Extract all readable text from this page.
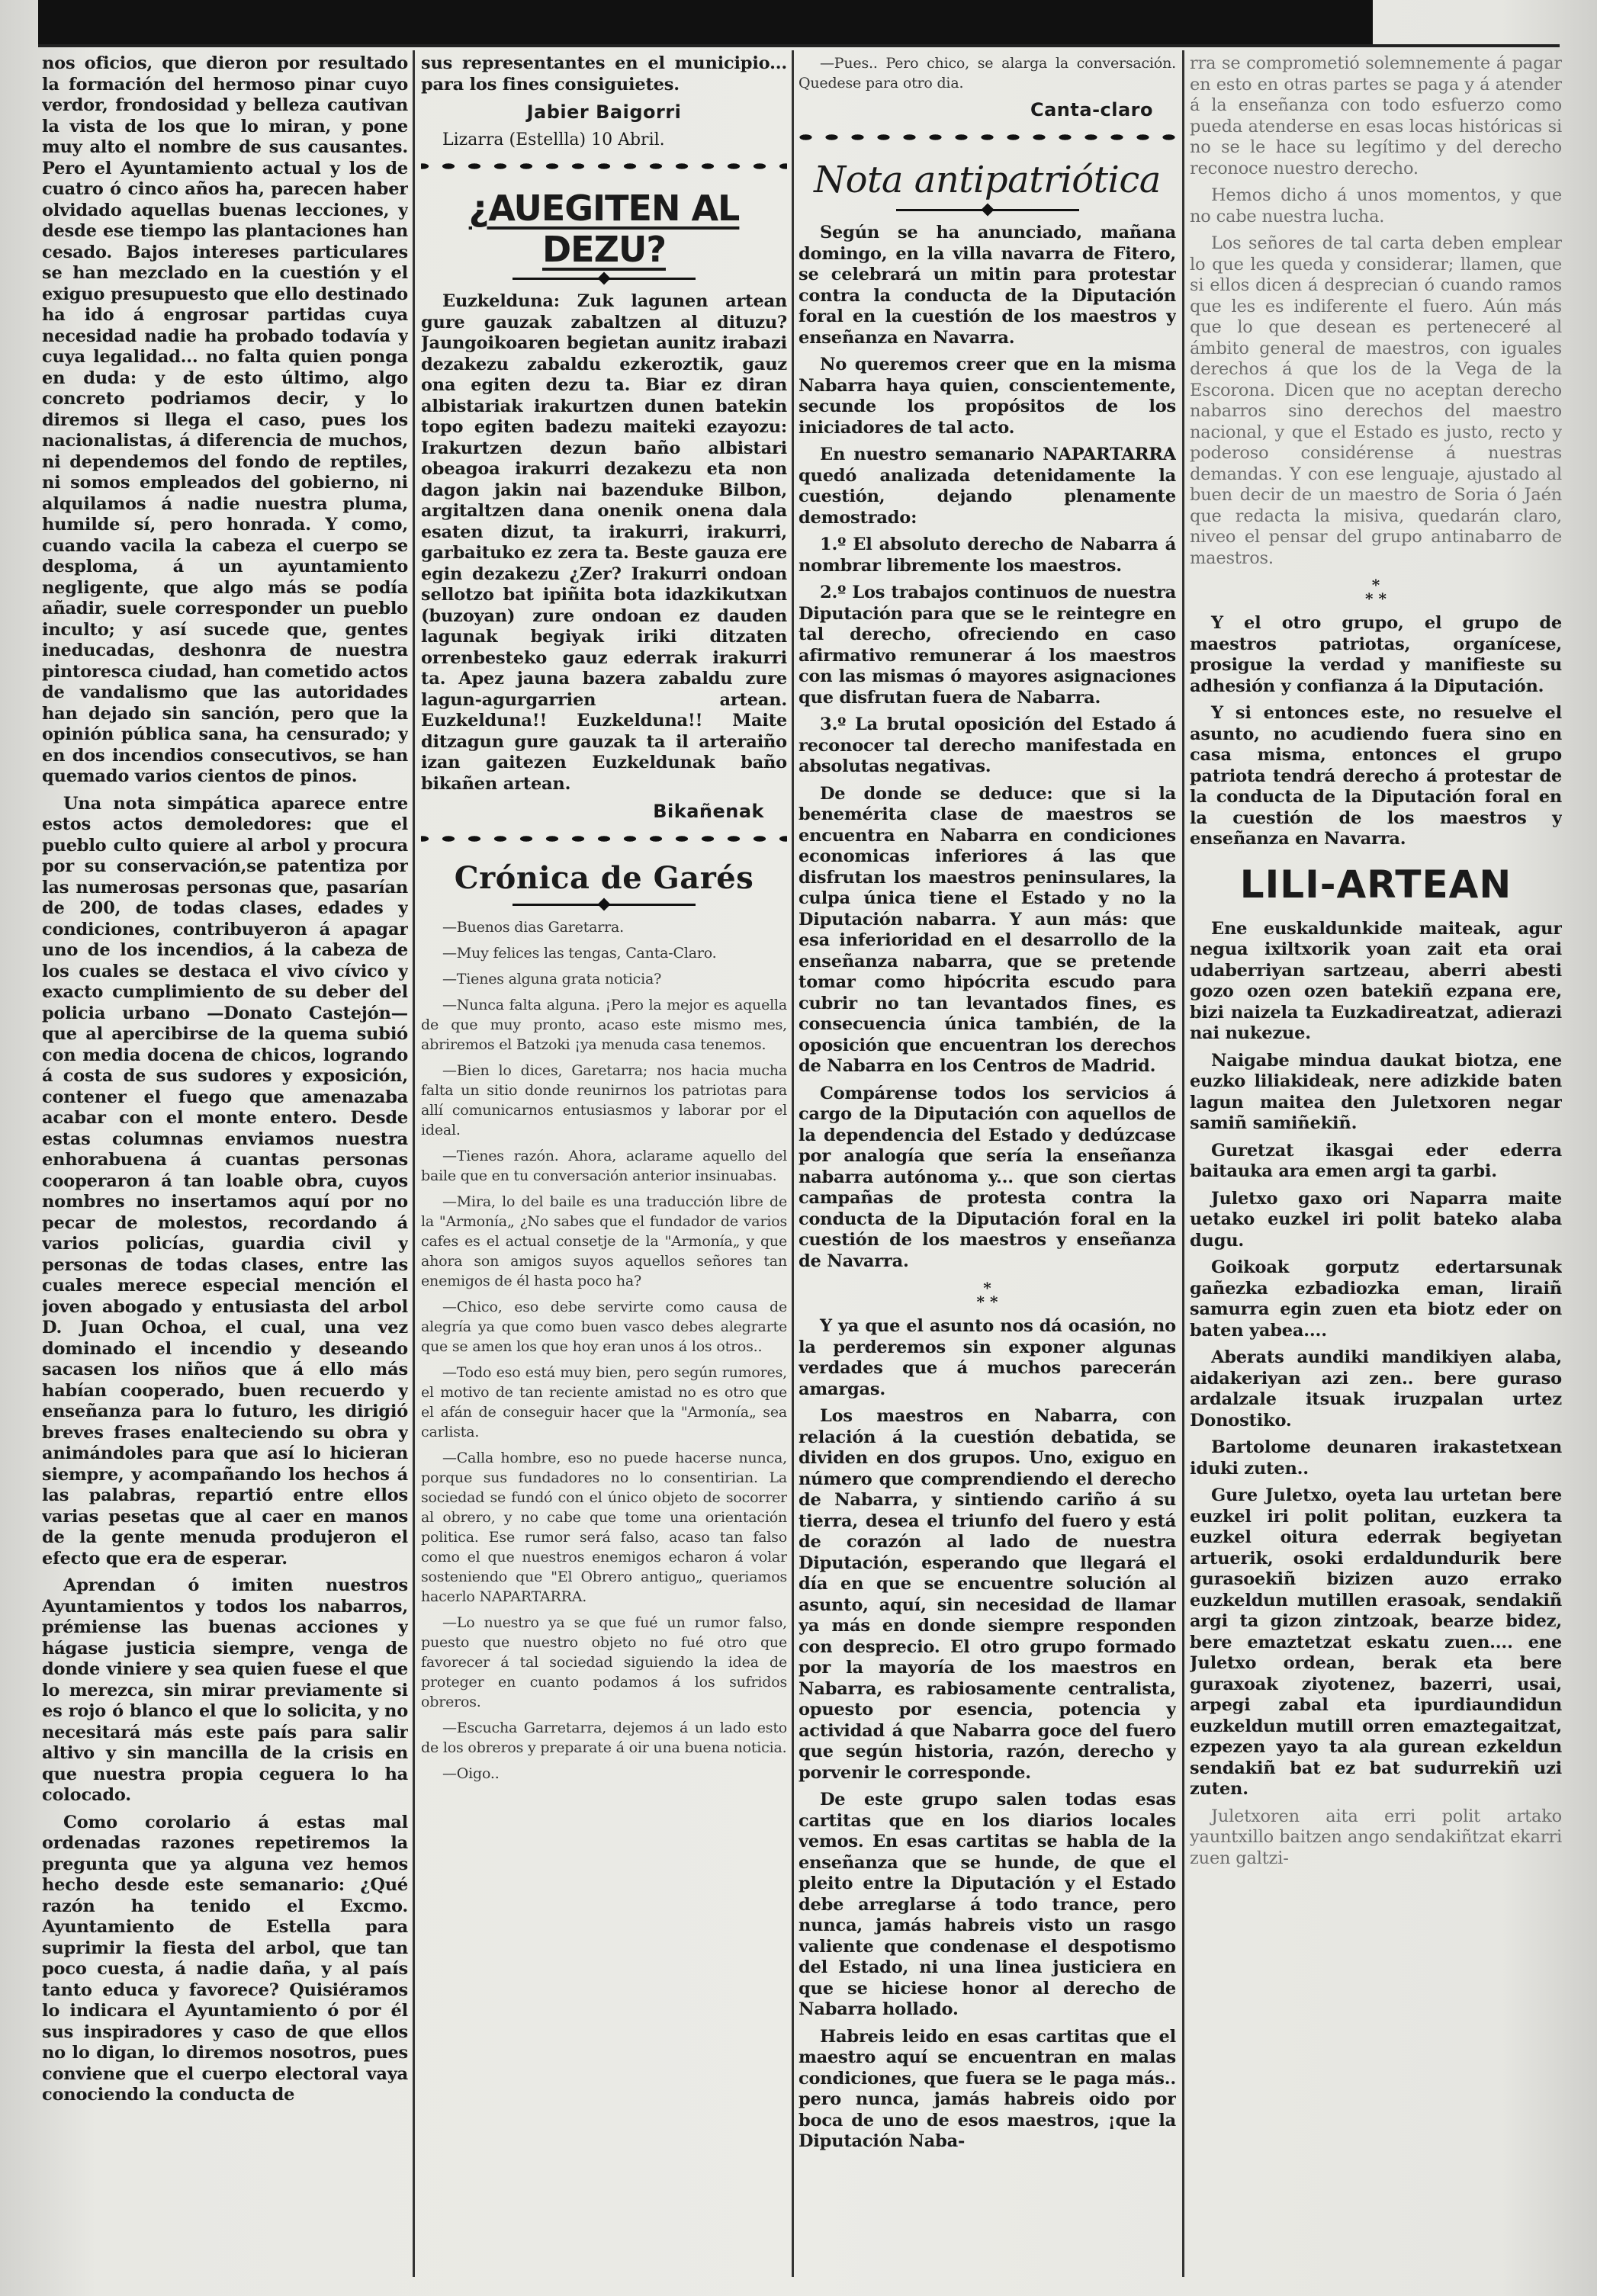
nos oficios, que dieron por resultado la formación del hermoso pinar cuyo verdor, frondosidad y belleza cautivan la vista de los que lo miran, y pone muy alto el nombre de sus causantes. Pero el Ayuntamiento actual y los de cuatro ó cinco años ha, parecen haber olvidado aquellas buenas lecciones, y desde ese tiempo las plantaciones han cesado. Bajos intereses particulares se han mezclado en la cuestión y el exiguo presupuesto que ello destinado ha ido á engrosar partidas cuya necesidad nadie ha probado todavía y cuya legalidad... no falta quien ponga en duda: y de esto último, algo concreto podriamos decir, y lo diremos si llega el caso, pues los nacionalistas, á diferencia de muchos, ni dependemos del fondo de reptiles, ni somos empleados del gobierno, ni alquilamos á nadie nuestra pluma, humilde sí, pero honrada. Y como, cuando vacila la cabeza el cuerpo se desploma, á un ayuntamiento negligente, que algo más se podía añadir, suele corresponder un pueblo inculto; y así sucede que, gentes ineducadas, deshonra de nuestra pintoresca ciudad, han cometido actos de vandalismo que las autoridades han dejado sin sanción, pero que la opinión pública sana, ha censurado; y en dos incendios consecutivos, se han quemado varios cientos de pinos.

Una nota simpática aparece entre estos actos demoledores: que el pueblo culto quiere al arbol y procura por su conservación,se patentiza por las numerosas personas que, pasarían de 200, de todas clases, edades y condiciones, contribuyeron á apagar uno de los incendios, á la cabeza de los cuales se destaca el vivo cívico y exacto cumplimiento de su deber del policia urbano —Donato Castejón—que al apercibirse de la quema subió con media docena de chicos, logrando á costa de sus sudores y exposición, contener el fuego que amenazaba acabar con el monte entero. Desde estas columnas enviamos nuestra enhorabuena á cuantas personas cooperaron á tan loable obra, cuyos nombres no insertamos aquí por no pecar de molestos, recordando á varios policías, guardia civil y personas de todas clases, entre las cuales merece especial mención el joven abogado y entusiasta del arbol D. Juan Ochoa, el cual, una vez dominado el incendio y deseando sacasen los niños que á ello más habían cooperado, buen recuerdo y enseñanza para lo futuro, les dirigió breves frases enalteciendo su obra y animándoles para que así lo hicieran siempre, y acompañando los hechos á las palabras, repartió entre ellos varias pesetas que al caer en manos de la gente menuda produjeron el efecto que era de esperar.

Aprendan ó imiten nuestros Ayuntamientos y todos los nabarros, prémiense las buenas acciones y hágase justicia siempre, venga de donde viniere y sea quien fuese el que lo merezca, sin mirar previamente si es rojo ó blanco el que lo solicita, y no necesitará más este país para salir altivo y sin mancilla de la crisis en que nuestra propia ceguera lo ha colocado.

Como corolario á estas mal ordenadas razones repetiremos la pregunta que ya alguna vez hemos hecho desde este semanario: ¿Qué razón ha tenido el Excmo. Ayuntamiento de Estella para suprimir la fiesta del arbol, que tan poco cuesta, á nadie daña, y al país tanto educa y favorece? Quisiéramos lo indicara el Ayuntamiento ó por él sus inspiradores y caso de que ellos no lo digan, lo diremos nosotros, pues conviene que el cuerpo electoral vaya conociendo la conducta de

sus representantes en el municipio... para los fines consiguietes.

Jabier Baigorri
Lizarra (Estellla) 10 Abril.
¿AUEGITEN AL DEZU?

Euzkelduna: Zuk lagunen artean gure gauzak zabaltzen al dituzu? Jaungoikoaren begietan aunitz irabazi dezakezu zabaldu ezkeroztik, gauz ona egiten dezu ta. Biar ez diran albistariak irakurtzen dunen batekin topo egiten badezu maiteki ezayozu: Irakurtzen dezun baño albistari obeagoa irakurri dezakezu eta non dagon jakin nai bazenduke Bilbon, argitaltzen dana onenik onena dala esaten dizut, ta irakurri, irakurri, garbaituko ez zera ta. Beste gauza ere egin dezakezu ¿Zer? Irakurri ondoan sellotzo bat ipiñita bota idazkikutxan (buzoyan) zure ondoan ez dauden lagunak begiyak iriki ditzaten orrenbesteko gauz ederrak irakurri ta. Apez jauna bazera zabaldu zure lagun-agurgarrien artean. Euzkelduna!! Euzkelduna!! Maite ditzagun gure gauzak ta il arteraiño izan gaitezen Euzkeldunak baño bikañen artean.

Bikañenak
Crónica de Garés

—Buenos dias Garetarra.

—Muy felices las tengas, Canta-Claro.

—Tienes alguna grata noticia?

—Nunca falta alguna. ¡Pero la mejor es aquella de que muy pronto, acaso este mismo mes, abriremos el Batzoki ¡ya menuda casa tenemos.

—Bien lo dices, Garetarra; nos hacia mucha falta un sitio donde reunirnos los patriotas para allí comunicarnos entusiasmos y laborar por el ideal.

—Tienes razón. Ahora, aclarame aquello del baile que en tu conversación anterior insinuabas.

—Mira, lo del baile es una traducción libre de la "Armonía„ ¿No sabes que el fundador de varios cafes es el actual consetje de la "Armonía„ y que ahora son amigos suyos aquellos señores tan enemigos de él hasta poco ha?

—Chico, eso debe servirte como causa de alegría ya que como buen vasco debes alegrarte que se amen los que hoy eran unos á los otros..

—Todo eso está muy bien, pero según rumores, el motivo de tan reciente amistad no es otro que el afán de conseguir hacer que la "Armonía„ sea carlista.

—Calla hombre, eso no puede hacerse nunca, porque sus fundadores no lo consentirian. La sociedad se fundó con el único objeto de socorrer al obrero, y no cabe que tome una orientación politica. Ese rumor será falso, acaso tan falso como el que nuestros enemigos echaron á volar sosteniendo que "El Obrero antiguo„ queriamos hacerlo NAPARTARRA.

—Lo nuestro ya se que fué un rumor falso, puesto que nuestro objeto no fué otro que favorecer á tal sociedad siguiendo la idea de proteger en cuanto podamos á los sufridos obreros.

—Escucha Garretarra, dejemos á un lado esto de los obreros y preparate á oir una buena noticia.

—Oigo..

—Pues.. Pero chico, se alarga la conversación. Quedese para otro dia.

Canta-claro
Nota antipatriótica

Según se ha anunciado, mañana domingo, en la villa navarra de Fitero, se celebrará un mitin para protestar contra la conducta de la Diputación foral en la cuestión de los maestros y enseñanza en Navarra.

No queremos creer que en la misma Nabarra haya quien, conscientemente, secunde los propósitos de los iniciadores de tal acto.

En nuestro semanario NAPARTARRA quedó analizada detenidamente la cuestión, dejando plenamente demostrado:

1.º El absoluto derecho de Nabarra á nombrar libremente los maestros.

2.º Los trabajos continuos de nuestra Diputación para que se le reintegre en tal derecho, ofreciendo en caso afirmativo remunerar á los maestros con las mismas ó mayores asignaciones que disfrutan fuera de Nabarra.

3.º La brutal oposición del Estado á reconocer tal derecho manifestada en absolutas negativas.

De donde se deduce: que si la benemérita clase de maestros se encuentra en Nabarra en condiciones economicas inferiores á las que disfrutan los maestros peninsulares, la culpa única tiene el Estado y no la Diputación nabarra. Y aun más: que esa inferioridad en el desarrollo de la enseñanza nabarra, que se pretende tomar como hipócrita escudo para cubrir no tan levantados fines, es consecuencia única también, de la oposición que encuentran los derechos de Nabarra en los Centros de Madrid.

Compárense todos los servicios á cargo de la Diputación con aquellos de la dependencia del Estado y dedúzcase por analogía que sería la enseñanza nabarra autónoma y... que son ciertas campañas de protesta contra la conducta de la Diputación foral en la cuestión de los maestros y enseñanza de Navarra.

*
* *

Y ya que el asunto nos dá ocasión, no la perderemos sin exponer algunas verdades que á muchos parecerán amargas.

Los maestros en Nabarra, con relación á la cuestión debatida, se dividen en dos grupos. Uno, exiguo en número que comprendiendo el derecho de Nabarra, y sintiendo cariño á su tierra, desea el triunfo del fuero y está de corazón al lado de nuestra Diputación, esperando que llegará el día en que se encuentre solución al asunto, aquí, sin necesidad de llamar ya más en donde siempre responden con desprecio. El otro grupo formado por la mayoría de los maestros en Nabarra, es rabiosamente centralista, opuesto por esencia, potencia y actividad á que Nabarra goce del fuero que según historia, razón, derecho y porvenir le corresponde.

De este grupo salen todas esas cartitas que en los diarios locales vemos. En esas cartitas se habla de la enseñanza que se hunde, de que el pleito entre la Diputación y el Estado debe arreglarse á todo trance, pero nunca, jamás habreis visto un rasgo valiente que condenase el despotismo del Estado, ni una linea justiciera en que se hiciese honor al derecho de Nabarra hollado.

Habreis leido en esas cartitas que el maestro aquí se encuentran en malas condiciones, que fuera se le paga más.. pero nunca, jamás habreis oido por boca de uno de esos maestros, ¡que la Diputación Naba-

rra se comprometió solemnemente á pagar en esto en otras partes se paga y á atender á la enseñanza con todo esfuerzo como pueda atenderse en esas locas históricas si no se le hace su legítimo y del derecho reconoce nuestro derecho.

Hemos dicho á unos momentos, y que no cabe nuestra lucha.

Los señores de tal carta deben emplear lo que les queda y considerar; llamen, que si ellos dicen á desprecian ó cuando ramos que les es indiferente el fuero. Aún más que lo que desean es perteneceré al ámbito general de maestros, con iguales derechos á que los de la Vega de la Escorona. Dicen que no aceptan derecho nabarros sino derechos del maestro nacional, y que el Estado es justo, recto y poderoso considérense á nuestras demandas. Y con ese lenguaje, ajustado al buen decir de un maestro de Soria ó Jaén que redacta la misiva, quedarán claro, niveo el pensar del grupo antinabarro de maestros.

*
* *

Y el otro grupo, el grupo de maestros patriotas, organícese, prosigue la verdad y manifieste su adhesión y confianza á la Diputación.

Y si entonces este, no resuelve el asunto, no acudiendo fuera sino en casa misma, entonces el grupo patriota tendrá derecho á protestar de la conducta de la Diputación foral en la cuestión de los maestros y enseñanza en Navarra.

LILI-ARTEAN

Ene euskaldunkide maiteak, agur negua ixiltxorik yoan zait eta orai udaberriyan sartzeau, aberri abesti gozo ozen ozen batekiñ ezpana ere, bizi naizela ta Euzkadireatzat, adierazi nai nukezue.

Naigabe mindua daukat biotza, ene euzko liliakideak, nere adizkide baten lagun maitea den Juletxoren negar samiñ samiñekiñ.

Guretzat ikasgai eder ederra baitauka ara emen argi ta garbi.

Juletxo gaxo ori Naparra maite uetako euzkel iri polit bateko alaba dugu.

Goikoak gorputz edertarsunak gañezka ezbadiozka eman, liraiñ samurra egin zuen eta biotz eder on baten yabea....

Aberats aundiki mandikiyen alaba, aidakeriyan azi zen.. bere guraso ardalzale itsuak iruzpalan urtez Donostiko.

Bartolome deunaren irakastetxean iduki zuten..

Gure Juletxo, oyeta lau urtetan bere euzkel iri polit politan, euzkera ta euzkel oitura ederrak begiyetan artuerik, osoki erdaldundurik bere gurasoekiñ bizizen auzo errako euzkeldun mutillen erasoak, sendakiñ argi ta gizon zintzoak, bearze bidez, bere emaztetzat eskatu zuen.... ene Juletxo ordean, berak eta bere guraxoak ziyotenez, bazerri, usai, arpegi zabal eta ipurdiaundidun euzkeldun mutill orren emaztegaitzat, ezpezen yayo ta ala gurean ezkeldun sendakiñ bat ez bat sudurrekiñ uzi zuten.

Juletxoren aita erri polit artako yauntxillo baitzen ango sendakiñtzat ekarri zuen galtzi-
